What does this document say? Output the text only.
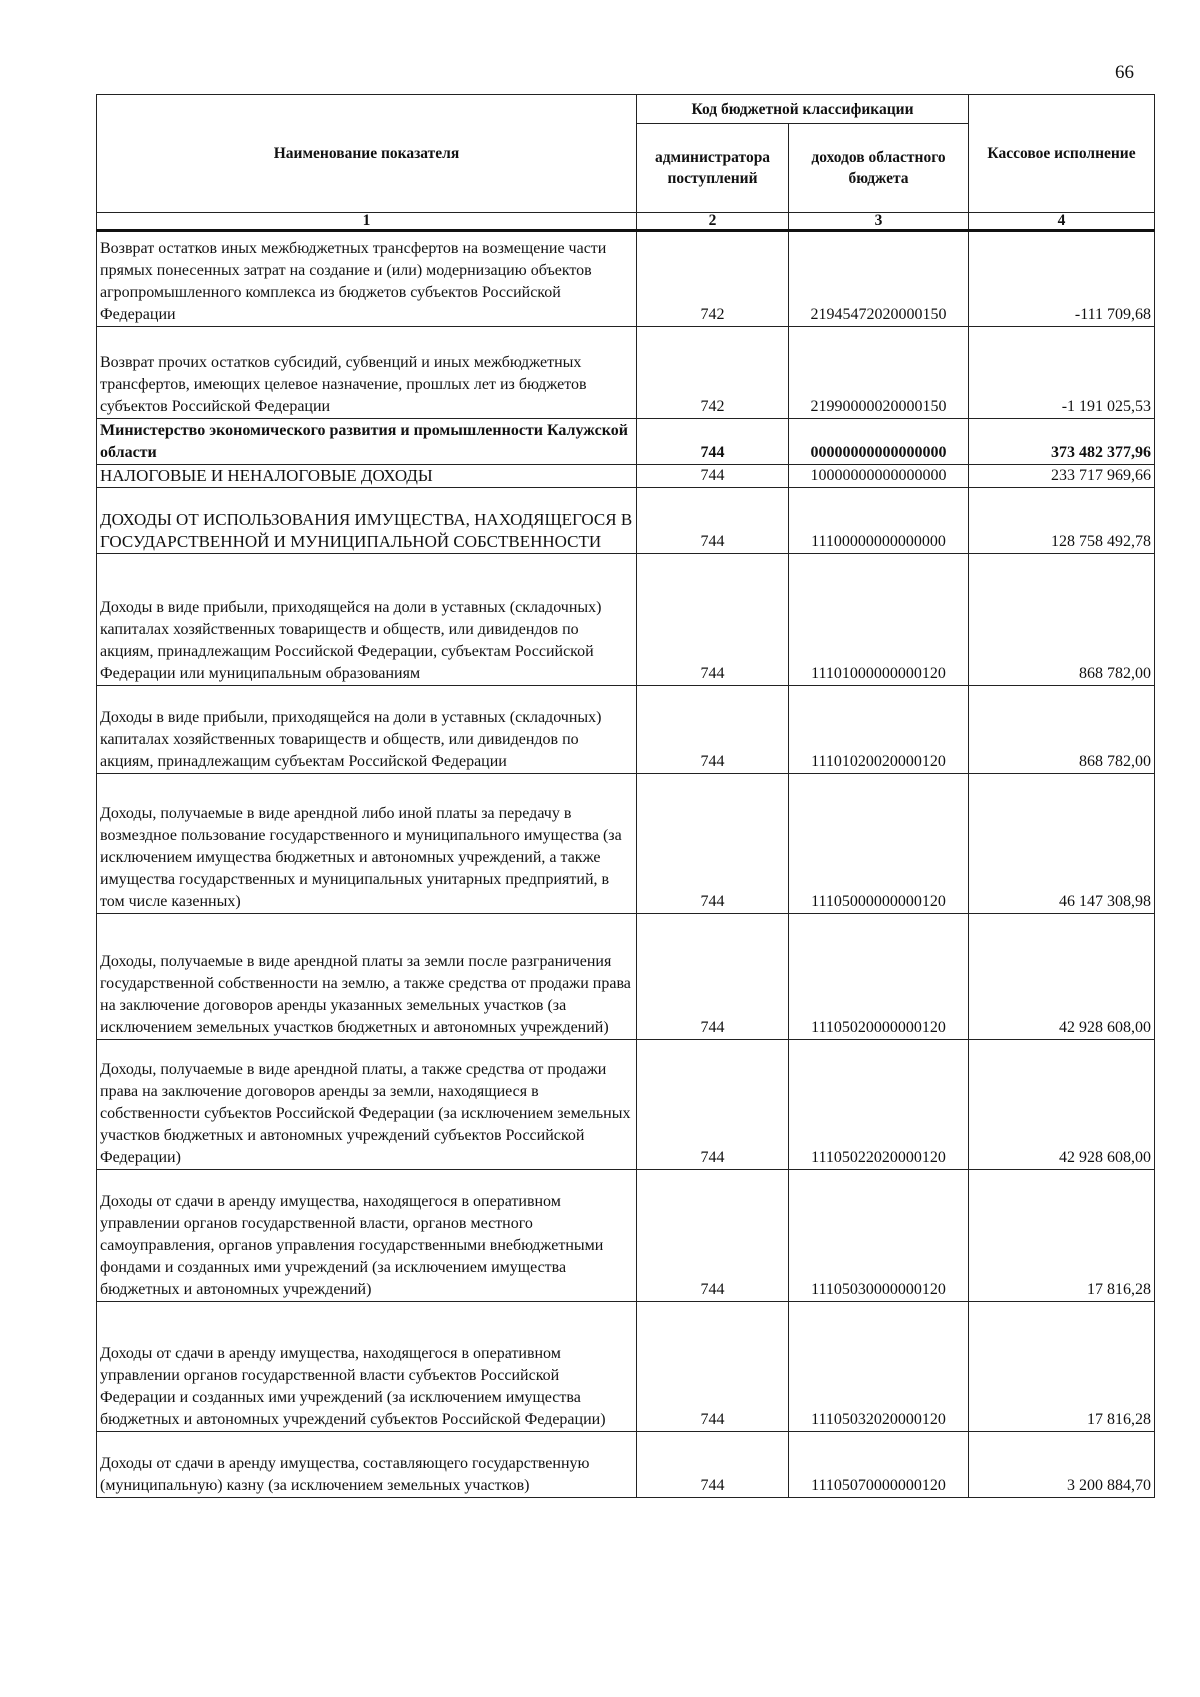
66
Наименование показателя	Код бюджетной классификации		Кассовое исполнение
	администратора поступлений	доходов областного бюджета	
1	2	3	4
Возврат остатков иных межбюджетных трансфертов на возмещение части прямых понесенных затрат на создание и (или) модернизацию объектов агропромышленного комплекса из бюджетов субъектов Российской Федерации	742	21945472020000150	-111 709,68
Возврат прочих остатков субсидий, субвенций и иных межбюджетных трансфертов, имеющих целевое назначение, прошлых лет из бюджетов субъектов Российской Федерации	742	21990000020000150	-1 191 025,53
Министерство экономического развития и промышленности Калужской области	744	00000000000000000	373 482 377,96
НАЛОГОВЫЕ И НЕНАЛОГОВЫЕ ДОХОДЫ	744	10000000000000000	233 717 969,66
ДОХОДЫ ОТ ИСПОЛЬЗОВАНИЯ ИМУЩЕСТВА, НАХОДЯЩЕГОСЯ В ГОСУДАРСТВЕННОЙ И МУНИЦИПАЛЬНОЙ СОБСТВЕННОСТИ	744	11100000000000000	128 758 492,78
Доходы в виде прибыли, приходящейся на доли в уставных (складочных) капиталах хозяйственных товариществ и обществ, или дивидендов по акциям, принадлежащим Российской Федерации, субъектам Российской Федерации или муниципальным образованиям	744	11101000000000120	868 782,00
Доходы в виде прибыли, приходящейся на доли в уставных (складочных) капиталах хозяйственных товариществ и обществ, или дивидендов по акциям, принадлежащим субъектам Российской Федерации	744	11101020020000120	868 782,00
Доходы, получаемые в виде арендной либо иной платы за передачу в возмездное пользование государственного и муниципального имущества (за исключением имущества бюджетных и автономных учреждений, а также имущества государственных и муниципальных унитарных предприятий, в том числе казенных)	744	11105000000000120	46 147 308,98
Доходы, получаемые в виде арендной платы за земли после разграничения государственной собственности на землю, а также средства от продажи права на заключение договоров аренды указанных земельных участков (за исключением земельных участков бюджетных и автономных учреждений)	744	11105020000000120	42 928 608,00
Доходы, получаемые в виде арендной платы, а также средства от продажи права на заключение договоров аренды за земли, находящиеся в собственности субъектов Российской Федерации (за исключением земельных участков бюджетных и автономных учреждений субъектов Российской Федерации)	744	11105022020000120	42 928 608,00
Доходы от сдачи в аренду имущества, находящегося в оперативном управлении органов государственной власти, органов местного самоуправления, органов управления государственными внебюджетными фондами и созданных ими учреждений (за исключением имущества бюджетных и автономных учреждений)	744	11105030000000120	17 816,28
Доходы от сдачи в аренду имущества, находящегося в оперативном управлении органов государственной власти субъектов Российской Федерации и созданных ими учреждений (за исключением имущества бюджетных и автономных учреждений субъектов Российской Федерации)	744	11105032020000120	17 816,28
Доходы от сдачи в аренду имущества, составляющего государственную (муниципальную) казну (за исключением земельных участков)	744	11105070000000120	3 200 884,70
